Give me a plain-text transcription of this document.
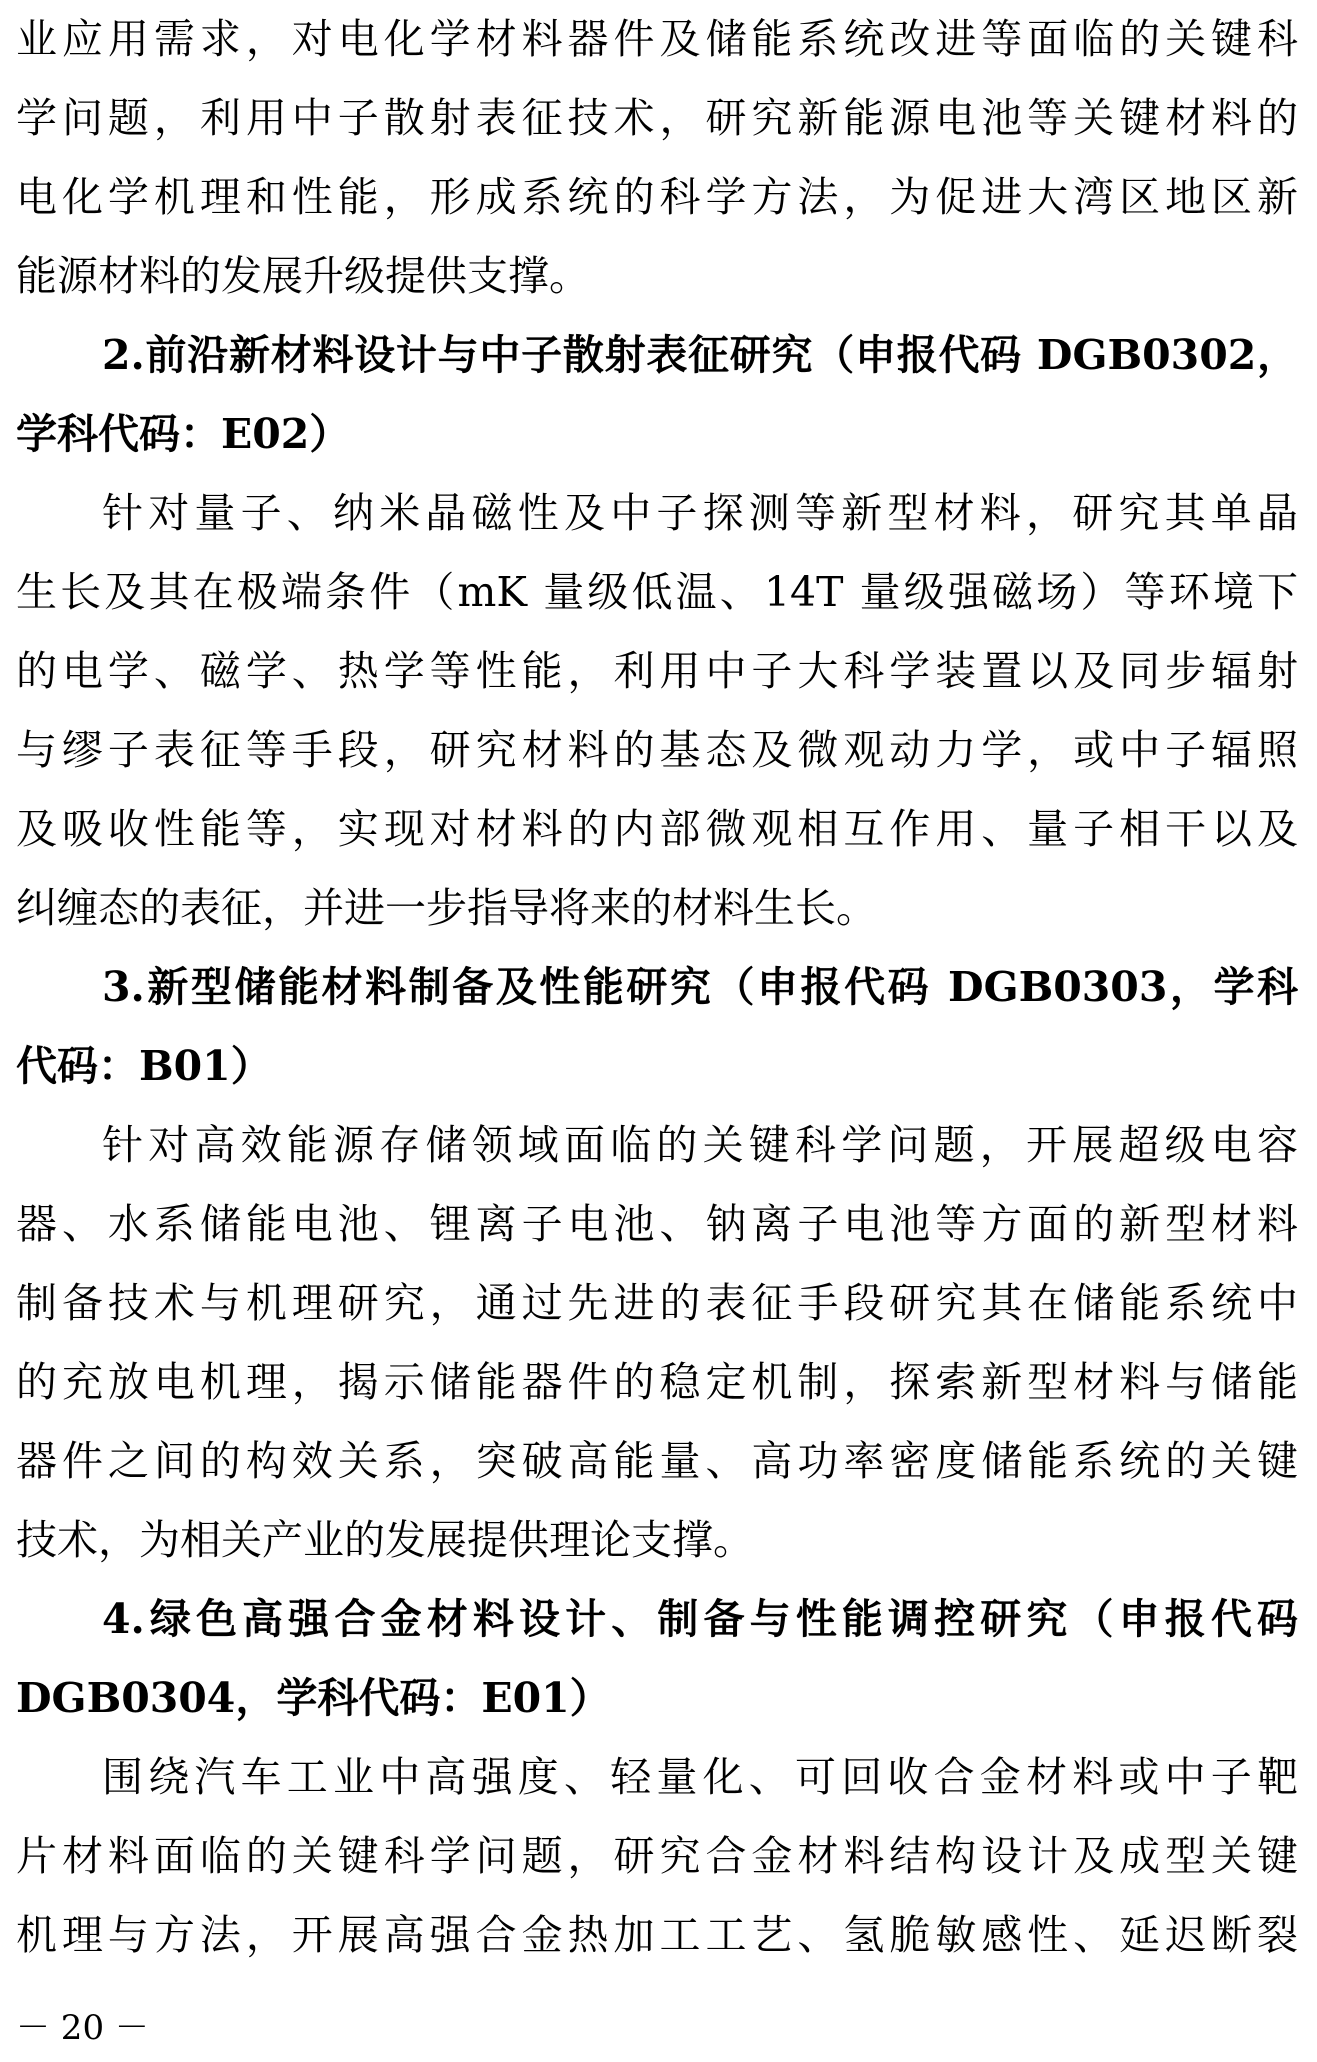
业应用需求，对电化学材料器件及储能系统改进等面临的关键科
学问题，利用中子散射表征技术，研究新能源电池等关键材料的
电化学机理和性能，形成系统的科学方法，为促进大湾区地区新
能源材料的发展升级提供支撑。
2.前沿新材料设计与中子散射表征研究（申报代码 DGB0302，
学科代码：E02）
针对量子、纳米晶磁性及中子探测等新型材料，研究其单晶
生长及其在极端条件（mK 量级低温、14T 量级强磁场）等环境下
的电学、磁学、热学等性能，利用中子大科学装置以及同步辐射
与缪子表征等手段，研究材料的基态及微观动力学，或中子辐照
及吸收性能等，实现对材料的内部微观相互作用、量子相干以及
纠缠态的表征，并进一步指导将来的材料生长。
3.新型储能材料制备及性能研究（申报代码 DGB0303，学科
代码：B01）
针对高效能源存储领域面临的关键科学问题，开展超级电容
器、水系储能电池、锂离子电池、钠离子电池等方面的新型材料
制备技术与机理研究，通过先进的表征手段研究其在储能系统中
的充放电机理，揭示储能器件的稳定机制，探索新型材料与储能
器件之间的构效关系，突破高能量、高功率密度储能系统的关键
技术，为相关产业的发展提供理论支撑。
4.绿色高强合金材料设计、制备与性能调控研究（申报代码
DGB0304，学科代码：E01）
围绕汽车工业中高强度、轻量化、可回收合金材料或中子靶
片材料面临的关键科学问题，研究合金材料结构设计及成型关键
机理与方法，开展高强合金热加工工艺、氢脆敏感性、延迟断裂
－ 20 －
